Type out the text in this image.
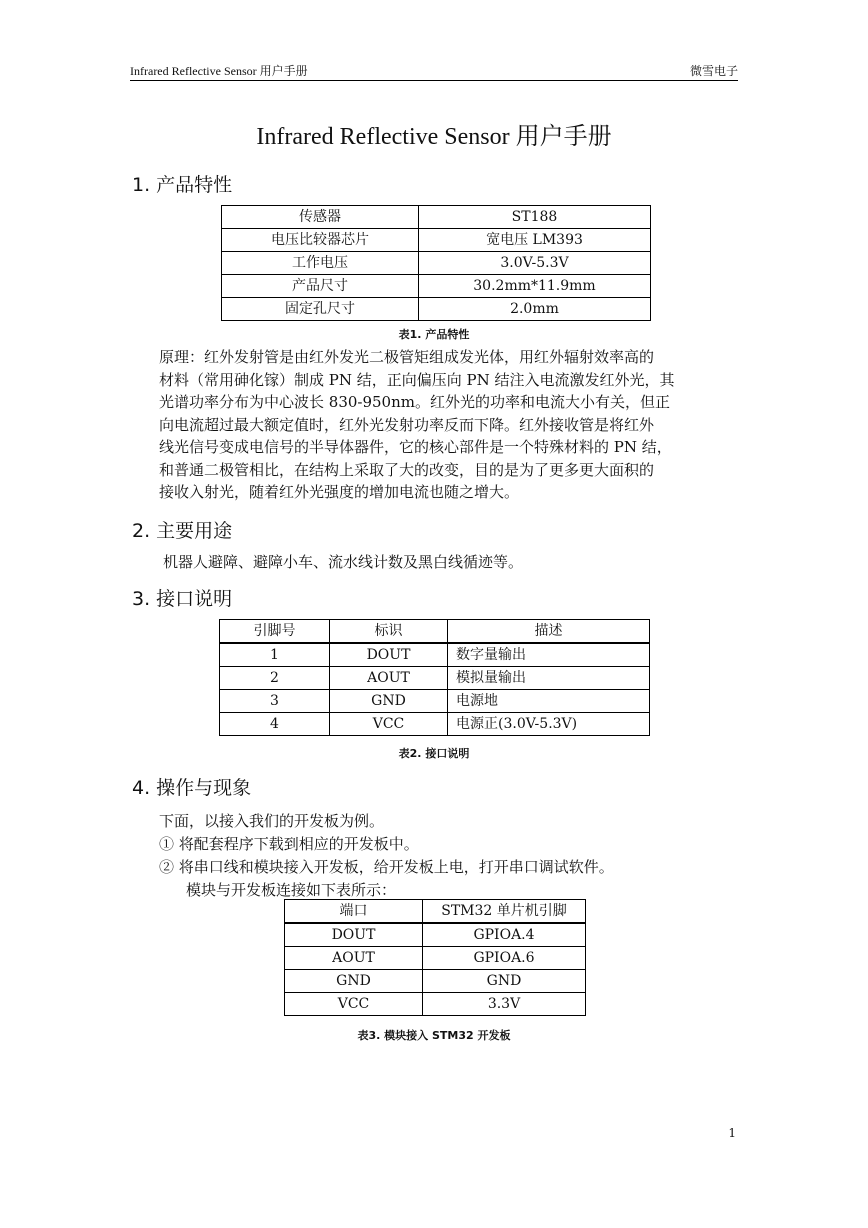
Infrared Reflective Sensor 用户手册	微雪电子
Infrared Reflective Sensor 用户手册
1. 产品特性
传感器	ST188
电压比较器芯片	宽电压 LM393
工作电压	3.0V-5.3V
产品尺寸	30.2mm*11.9mm
固定孔尺寸	2.0mm
表1. 产品特性

原理：红外发射管是由红外发光二极管矩组成发光体，用红外辐射效率高的

材料（常用砷化镓）制成 PN 结，正向偏压向 PN 结注入电流激发红外光，其

光谱功率分布为中心波长 830-950nm。红外光的功率和电流大小有关，但正

向电流超过最大额定值时，红外光发射功率反而下降。红外接收管是将红外

线光信号变成电信号的半导体器件，它的核心部件是一个特殊材料的 PN 结，

和普通二极管相比，在结构上采取了大的改变，目的是为了更多更大面积的

接收入射光，随着红外光强度的增加电流也随之增大。

2. 主要用途
机器人避障、避障小车、流水线计数及黑白线循迹等。
3. 接口说明
引脚号	标识	描述
1	DOUT	数字量输出
2	AOUT	模拟量输出
3	GND	电源地
4	VCC	电源正(3.0V-5.3V)
表2. 接口说明
4. 操作与现象
下面，以接入我们的开发板为例。
① 将配套程序下载到相应的开发板中。
② 将串口线和模块接入开发板，给开发板上电，打开串口调试软件。
模块与开发板连接如下表所示：
端口	STM32 单片机引脚
DOUT	GPIOA.4
AOUT	GPIOA.6
GND	GND
VCC	3.3V
表3. 模块接入 STM32 开发板
1
